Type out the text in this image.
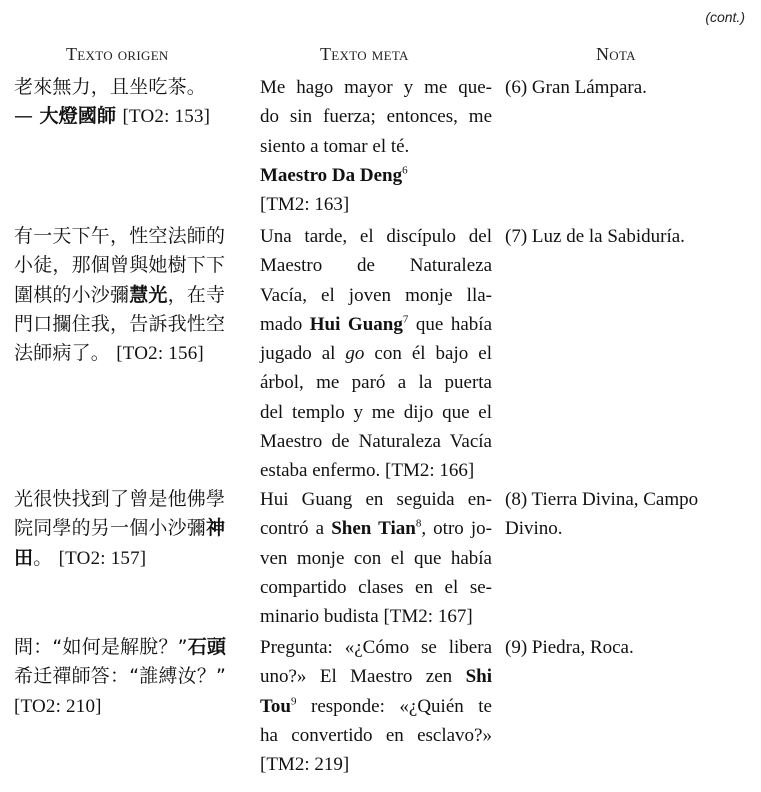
(cont.)
Texto origen	Texto meta	Nota
老來無力，且坐吃茶。
— 大燈國師 [TO2: 153]
Me hago mayor y me que-
do sin fuerza; entonces, me
siento a tomar el té.
Maestro Da Deng$^6$
[TM2: 163]
(6) Gran Lámpara.
有一天下午，性空法師的
小徒，那個曾與她樹下下
圍棋的小沙彌慧光，在寺
門口攔住我，告訴我性空
法師病了。 [TO2: 156]
Una tarde, el discípulo del
Maestro de Naturaleza
Vacía, el joven monje lla-
mado Hui Guang$^7$ que había
jugado al go con él bajo el
árbol, me paró a la puerta
del templo y me dijo que el
Maestro de Naturaleza Vacía
estaba enfermo. [TM2: 166]
(7) Luz de la Sabiduría.
光很快找到了曾是他佛學
院同學的另一個小沙彌神
田。 [TO2: 157]
Hui Guang en seguida en-
contró a Shen Tian$^8$, otro jo-
ven monje con el que había
compartido clases en el se-
minario budista [TM2: 167]
(8) Tierra Divina, Campo
Divino.
問：“如何是解脫？”石頭
希迁禪師答：“誰縛汝？”
[TO2: 210]
Pregunta: «¿Cómo se libera
uno?» El Maestro zen Shi
Tou$^9$ responde: «¿Quién te
ha convertido en esclavo?»
[TM2: 219]
(9) Piedra, Roca.
